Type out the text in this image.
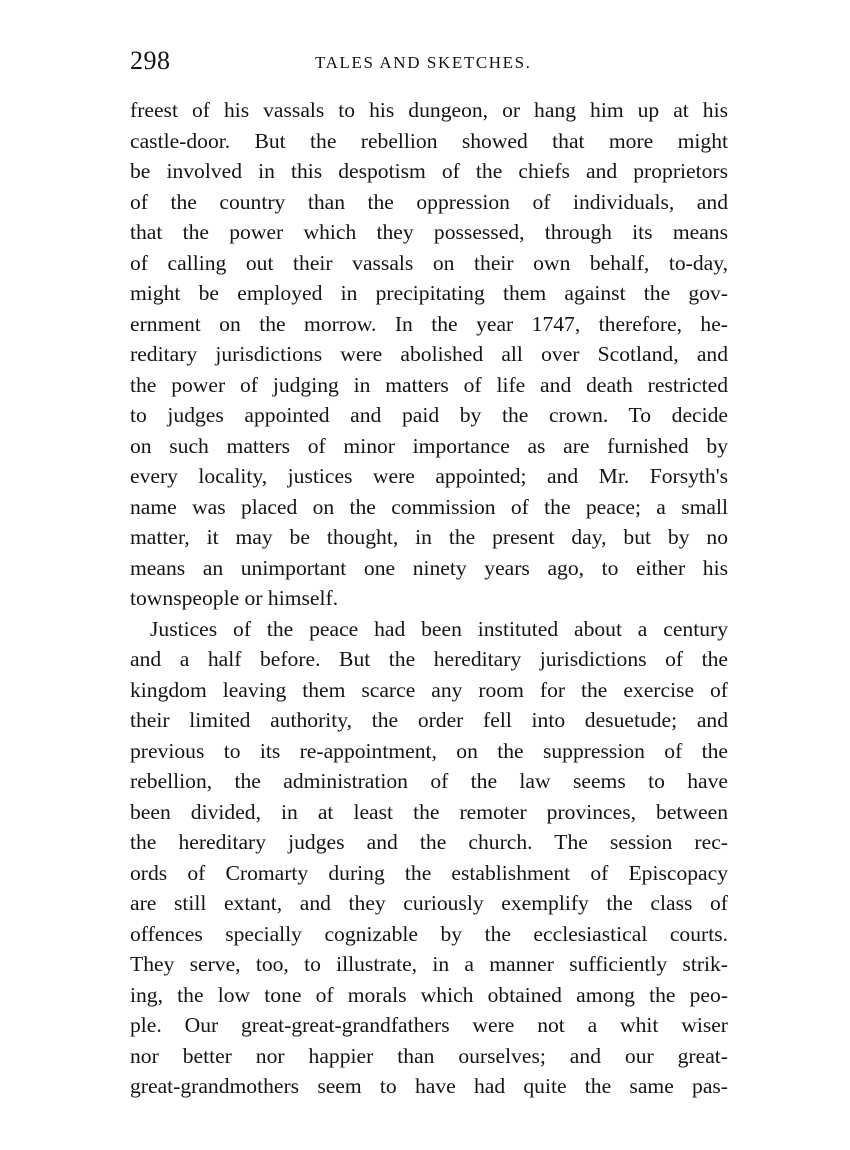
298	TALES AND SKETCHES.
freest of his vassals to his dungeon, or hang him up at his
castle-door. But the rebellion showed that more might
be involved in this despotism of the chiefs and proprietors
of the country than the oppression of individuals, and
that the power which they possessed, through its means
of calling out their vassals on their own behalf, to-day,
might be employed in precipitating them against the gov-
ernment on the morrow. In the year 1747, therefore, he-
reditary jurisdictions were abolished all over Scotland, and
the power of judging in matters of life and death restricted
to judges appointed and paid by the crown. To decide
on such matters of minor importance as are furnished by
every locality, justices were appointed; and Mr. Forsyth's
name was placed on the commission of the peace; a small
matter, it may be thought, in the present day, but by no
means an unimportant one ninety years ago, to either his
townspeople or himself.
Justices of the peace had been instituted about a century
and a half before. But the hereditary jurisdictions of the
kingdom leaving them scarce any room for the exercise of
their limited authority, the order fell into desuetude; and
previous to its re-appointment, on the suppression of the
rebellion, the administration of the law seems to have
been divided, in at least the remoter provinces, between
the hereditary judges and the church. The session rec-
ords of Cromarty during the establishment of Episcopacy
are still extant, and they curiously exemplify the class of
offences specially cognizable by the ecclesiastical courts.
They serve, too, to illustrate, in a manner sufficiently strik-
ing, the low tone of morals which obtained among the peo-
ple. Our great-great-grandfathers were not a whit wiser
nor better nor happier than ourselves; and our great-
great-grandmothers seem to have had quite the same pas-
